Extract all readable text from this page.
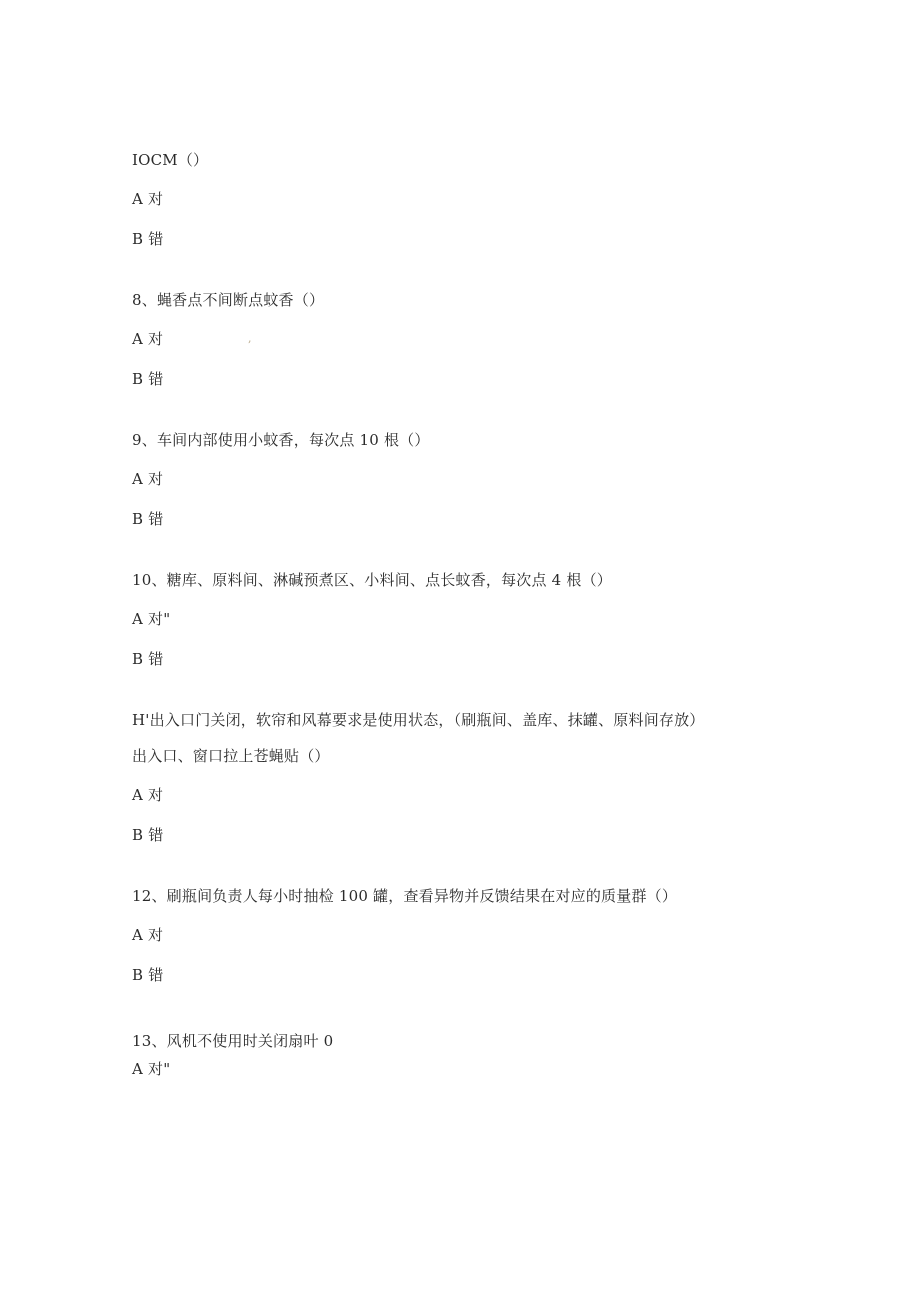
IOCM（）
A 对
B 错
8、蝇香点不间断点蚊香（）
A 对	,
B 错
9、车间内部使用小蚊香，每次点 10 根（）
A 对
B 错
10、糖库、原料间、淋碱预煮区、小料间、点长蚊香，每次点 4 根（）
A 对"
B 错
H'出入口门关闭，软帘和风幕要求是使用状态，（刷瓶间、盖库、抹罐、原料间存放）
出入口、窗口拉上苍蝇贴（）
A 对
B 错
12、刷瓶间负责人每小时抽检 100 罐，查看异物并反馈结果在对应的质量群（）
A 对
B 错
13、风机不使用时关闭扇叶 0
A 对"
